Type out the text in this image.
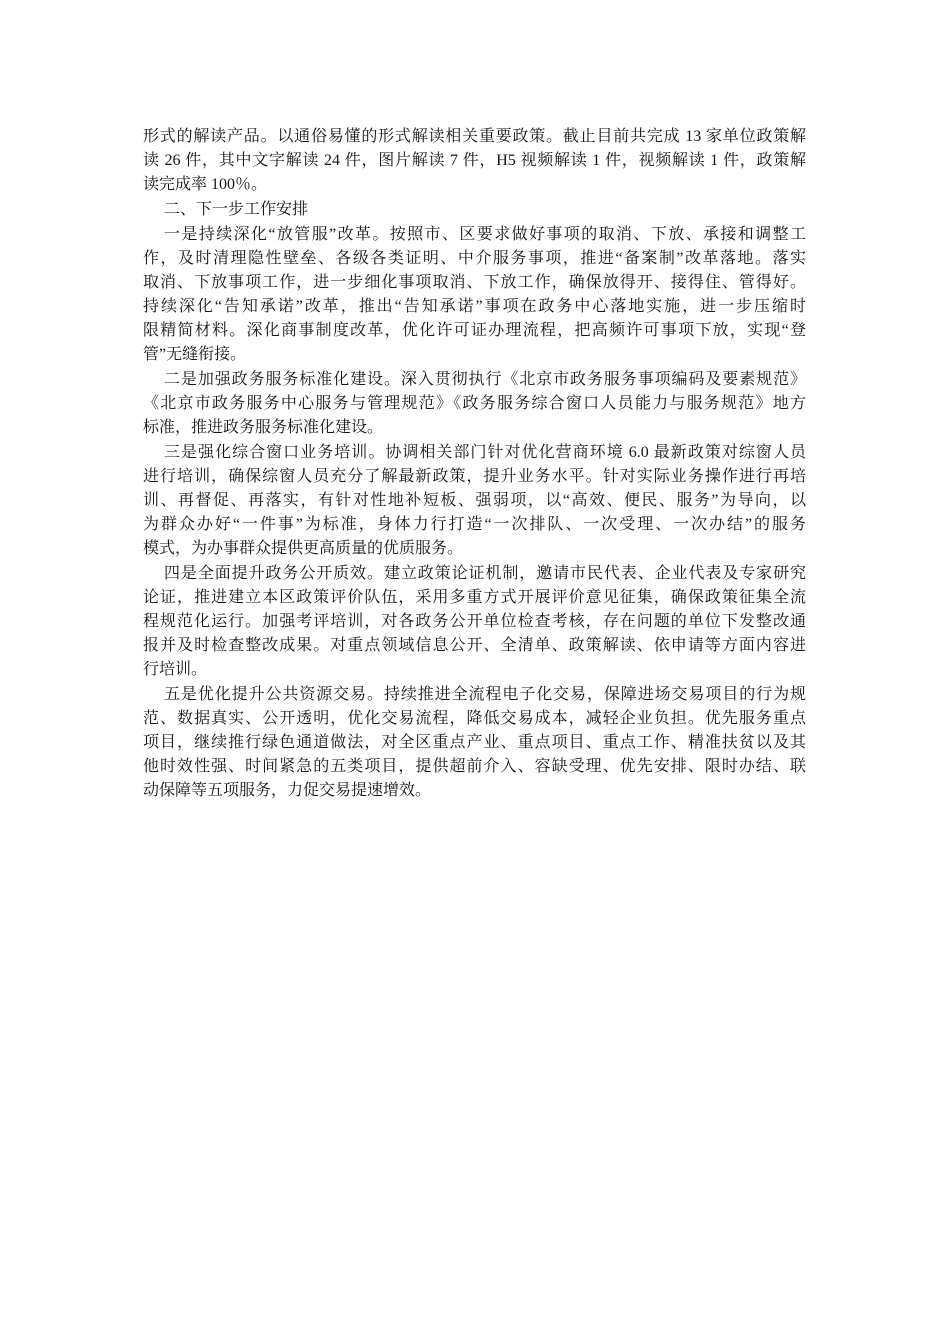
形式的解读产品。以通俗易懂的形式解读相关重要政策。截止目前共完成 13 家单位政策解
读 26 件，其中文字解读 24 件，图片解读 7 件，H5 视频解读 1 件，视频解读 1 件，政策解
读完成率 100％。
二、下一步工作安排
一是持续深化“放管服”改革。按照市、区要求做好事项的取消、下放、承接和调整工
作，及时清理隐性壁垒、各级各类证明、中介服务事项，推进“备案制”改革落地。落实
取消、下放事项工作，进一步细化事项取消、下放工作，确保放得开、接得住、管得好。
持续深化“告知承诺”改革，推出“告知承诺”事项在政务中心落地实施，进一步压缩时
限精简材料。深化商事制度改革，优化许可证办理流程，把高频许可事项下放，实现“登
管”无缝衔接。
二是加强政务服务标准化建设。深入贯彻执行《北京市政务服务事项编码及要素规范》
《北京市政务服务中心服务与管理规范》《政务服务综合窗口人员能力与服务规范》地方
标准，推进政务服务标准化建设。
三是强化综合窗口业务培训。协调相关部门针对优化营商环境 6.0 最新政策对综窗人员
进行培训，确保综窗人员充分了解最新政策，提升业务水平。针对实际业务操作进行再培
训、再督促、再落实，有针对性地补短板、强弱项，以“高效、便民、服务”为导向，以
为群众办好“一件事”为标准，身体力行打造“一次排队、一次受理、一次办结”的服务
模式，为办事群众提供更高质量的优质服务。
四是全面提升政务公开质效。建立政策论证机制，邀请市民代表、企业代表及专家研究
论证，推进建立本区政策评价队伍，采用多重方式开展评价意见征集，确保政策征集全流
程规范化运行。加强考评培训，对各政务公开单位检查考核，存在问题的单位下发整改通
报并及时检查整改成果。对重点领域信息公开、全清单、政策解读、依申请等方面内容进
行培训。
五是优化提升公共资源交易。持续推进全流程电子化交易，保障进场交易项目的行为规
范、数据真实、公开透明，优化交易流程，降低交易成本，减轻企业负担。优先服务重点
项目，继续推行绿色通道做法，对全区重点产业、重点项目、重点工作、精准扶贫以及其
他时效性强、时间紧急的五类项目，提供超前介入、容缺受理、优先安排、限时办结、联
动保障等五项服务，力促交易提速增效。
